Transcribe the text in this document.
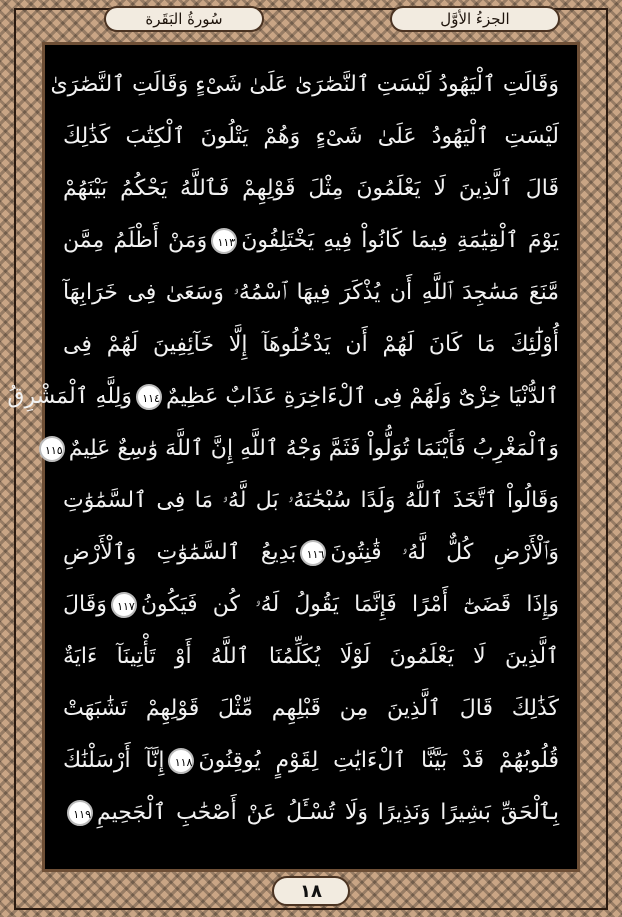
الجزءُ الأوَّل
سُورةُ البَقَرة
وَقَالَتِ ٱلْيَهُودُ لَيْسَتِ ٱلنَّصَٰرَىٰ عَلَىٰ شَىْءٍ وَقَالَتِ ٱلنَّصَٰرَىٰ
لَيْسَتِ ٱلْيَهُودُ عَلَىٰ شَىْءٍ وَهُمْ يَتْلُونَ ٱلْكِتَٰبَ كَذَٰلِكَ
قَالَ ٱلَّذِينَ لَا يَعْلَمُونَ مِثْلَ قَوْلِهِمْ فَٱللَّهُ يَحْكُمُ بَيْنَهُمْ
يَوْمَ ٱلْقِيَٰمَةِ فِيمَا كَانُواْ فِيهِ يَخْتَلِفُونَ١١٣وَمَنْ أَظْلَمُ مِمَّن
مَّنَعَ مَسَٰجِدَ ٱللَّهِ أَن يُذْكَرَ فِيهَا ٱسْمُهُۥ وَسَعَىٰ فِى خَرَابِهَآ
أُوْلَٰٓئِكَ مَا كَانَ لَهُمْ أَن يَدْخُلُوهَآ إِلَّا خَآئِفِينَ لَهُمْ فِى
ٱلدُّنْيَا خِزْىٌ وَلَهُمْ فِى ٱلْءَاخِرَةِ عَذَابٌ عَظِيمٌ١١٤وَلِلَّهِ ٱلْمَشْرِقُ
وَٱلْمَغْرِبُ فَأَيْنَمَا تُوَلُّواْ فَثَمَّ وَجْهُ ٱللَّهِ إِنَّ ٱللَّهَ وَٰسِعٌ عَلِيمٌ١١٥
وَقَالُواْ ٱتَّخَذَ ٱللَّهُ وَلَدًا سُبْحَٰنَهُۥ بَل لَّهُۥ مَا فِى ٱلسَّمَٰوَٰتِ
وَٱلْأَرْضِ كُلٌّ لَّهُۥ قَٰنِتُونَ١١٦بَدِيعُ ٱلسَّمَٰوَٰتِ وَٱلْأَرْضِ
وَإِذَا قَضَىٰٓ أَمْرًا فَإِنَّمَا يَقُولُ لَهُۥ كُن فَيَكُونُ١١٧وَقَالَ
ٱلَّذِينَ لَا يَعْلَمُونَ لَوْلَا يُكَلِّمُنَا ٱللَّهُ أَوْ تَأْتِينَآ ءَايَةٌ
كَذَٰلِكَ قَالَ ٱلَّذِينَ مِن قَبْلِهِم مِّثْلَ قَوْلِهِمْ تَشَٰبَهَتْ
قُلُوبُهُمْ قَدْ بَيَّنَّا ٱلْءَايَٰتِ لِقَوْمٍ يُوقِنُونَ١١٨إِنَّآ أَرْسَلْنَٰكَ
بِٱلْحَقِّ بَشِيرًا وَنَذِيرًا وَلَا تُسْـَٔلُ عَنْ أَصْحَٰبِ ٱلْجَحِيمِ١١٩
١٨
